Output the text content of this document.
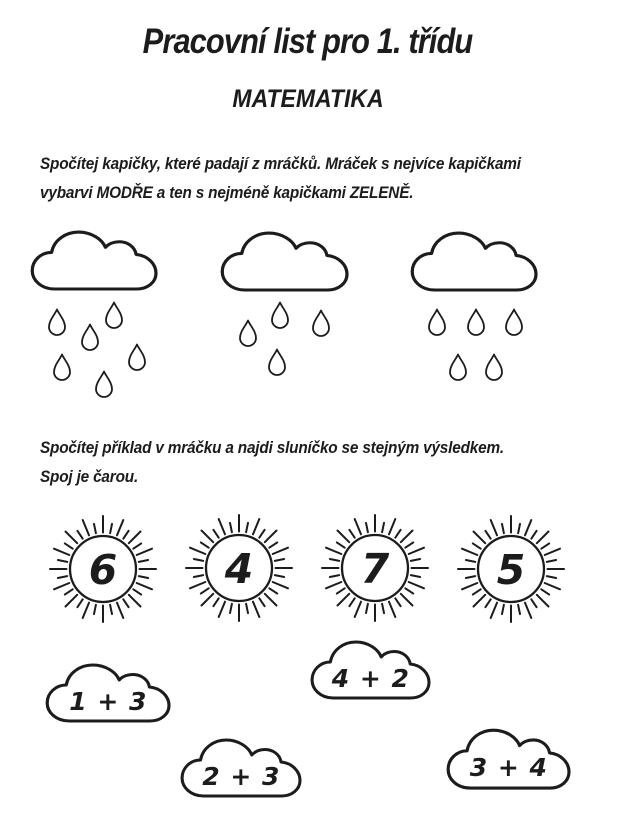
Pracovní list pro 1. třídu
MATEMATIKA
Spočítej kapičky, které padají z mráčků. Mráček s nejvíce kapičkami
vybarvi MODŘE a ten s nejméně kapičkami ZELENĚ.
Spočítej příklad v mráčku a najdi sluníčko se stejným výsledkem.
Spoj je čarou.
6	4	7	5
1 + 3
4 + 2
2 + 3	3 + 4
